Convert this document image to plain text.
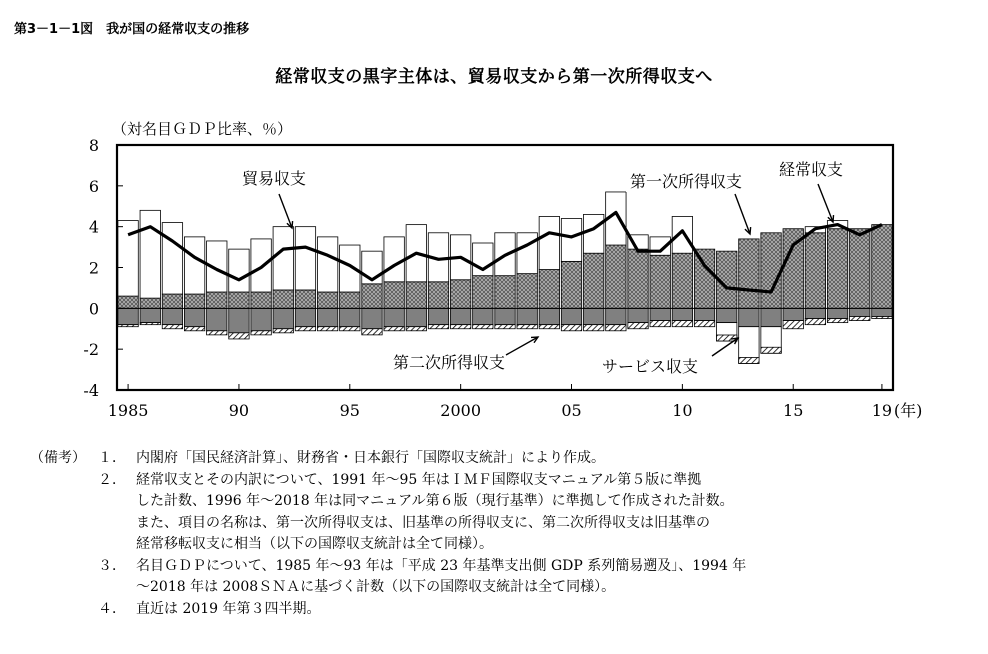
第3－1－1図　我が国の経常収支の推移
経常収支の黒字主体は、貿易収支から第一次所得収支へ
8
6
4
2
0
-2
-4
（対名目ＧＤＰ比率、％）
1985	90	95	2000	05	10	15	19 (年)
貿易収支	第一次所得収支
経常収支
第二次所得収支	サービス収支
（備考） １． 内閣府「国民経済計算」、財務省・日本銀行「国際収支統計」により作成。
２． 経常収支とその内訳について、1991 年～95 年はＩＭＦ国際収支マニュアル第５版に準拠
した計数、1996 年～2018 年は同マニュアル第６版（現行基準）に準拠して作成された計数。
また、項目の名称は、第一次所得収支は、旧基準の所得収支に、第二次所得収支は旧基準の
経常移転収支に相当（以下の国際収支統計は全て同様）。
３． 名目ＧＤＰについて、1985 年～93 年は「平成 23 年基準支出側 GDP 系列簡易遡及」、1994 年
～2018 年は 2008ＳＮＡに基づく計数（以下の国際収支統計は全て同様）。
４． 直近は 2019 年第３四半期。
